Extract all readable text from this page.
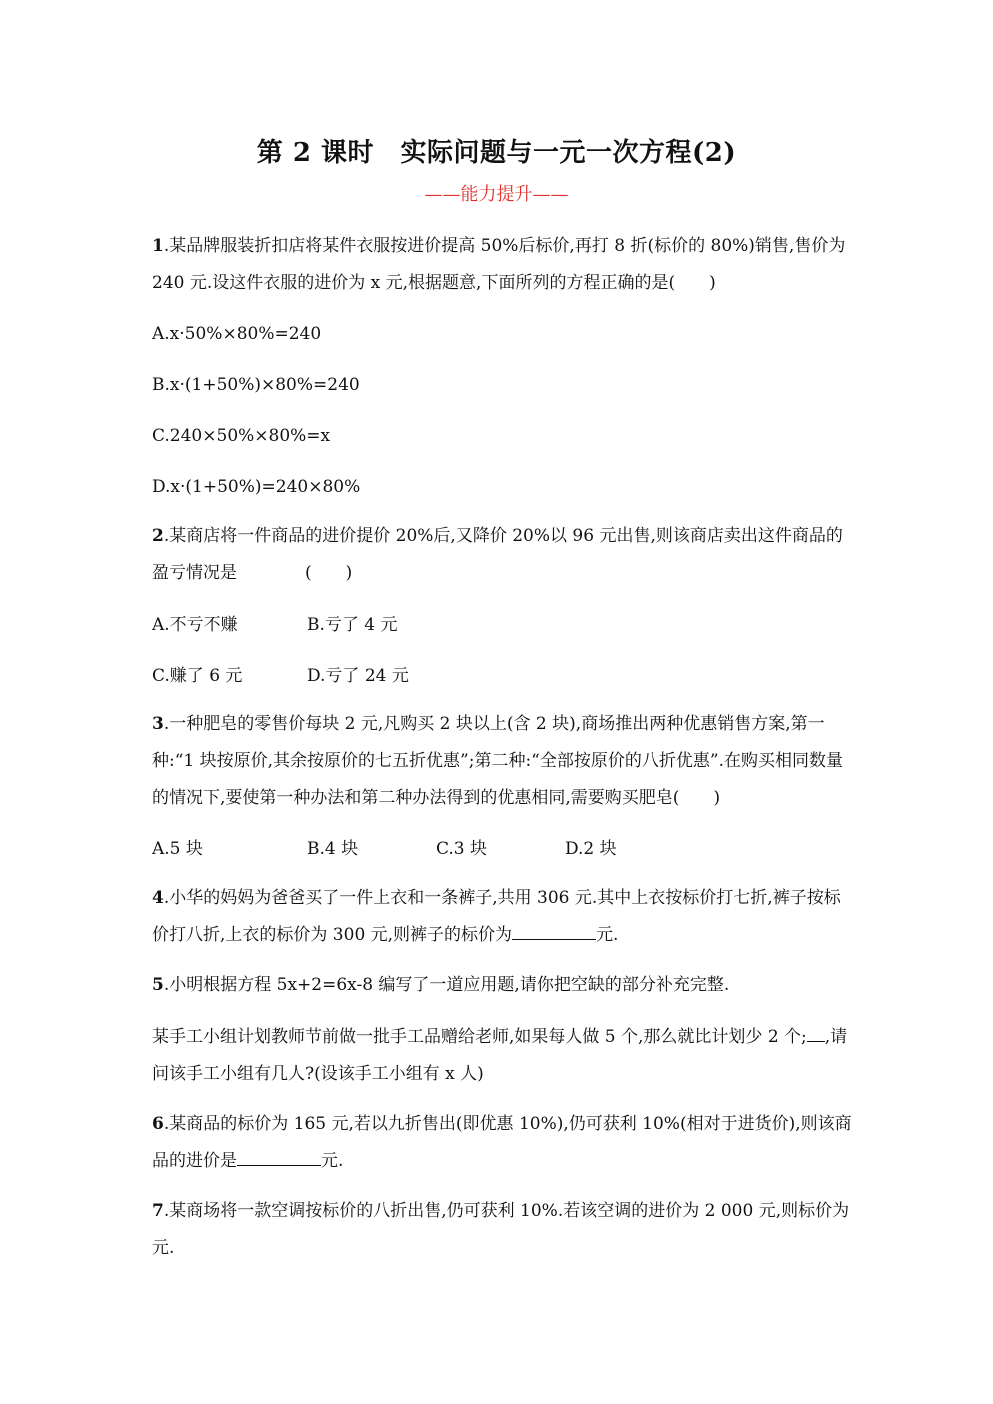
第 2 课时　实际问题与一元一次方程(2)
——能力提升——
1.某品牌服装折扣店将某件衣服按进价提高 50%后标价,再打 8 折(标价的 80%)销售,售价为 240 元.设这件衣服的进价为 x 元,根据题意,下面所列的方程正确的是(　　)
A.x·50%×80%=240
B.x·(1+50%)×80%=240
C.240×50%×80%=x
D.x·(1+50%)=240×80%
2.某商店将一件商品的进价提价 20%后,又降价 20%以 96 元出售,则该商店卖出这件商品的盈亏情况是　　　　(　　)
A.不亏不赚	B.亏了 4 元
C.赚了 6 元	D.亏了 24 元
3.一种肥皂的零售价每块 2 元,凡购买 2 块以上(含 2 块),商场推出两种优惠销售方案,第一种:“1 块按原价,其余按原价的七五折优惠”;第二种:“全部按原价的八折优惠”.在购买相同数量的情况下,要使第一种办法和第二种办法得到的优惠相同,需要购买肥皂(　　)
A.5 块	B.4 块	C.3 块	D.2 块
4.小华的妈妈为爸爸买了一件上衣和一条裤子,共用 306 元.其中上衣按标价打七折,裤子按标价打八折,上衣的标价为 300 元,则裤子的标价为	元.
5.小明根据方程 5x+2=6x-8 编写了一道应用题,请你把空缺的部分补充完整.
某手工小组计划教师节前做一批手工品赠给老师,如果每人做 5 个,那么就比计划少 2 个; ,请问该手工小组有几人?(设该手工小组有 x 人)
6.某商品的标价为 165 元,若以九折售出(即优惠 10%),仍可获利 10%(相对于进货价),则该商品的进价是	元.
7.某商场将一款空调按标价的八折出售,仍可获利 10%.若该空调的进价为 2 000 元,则标价为　元.
